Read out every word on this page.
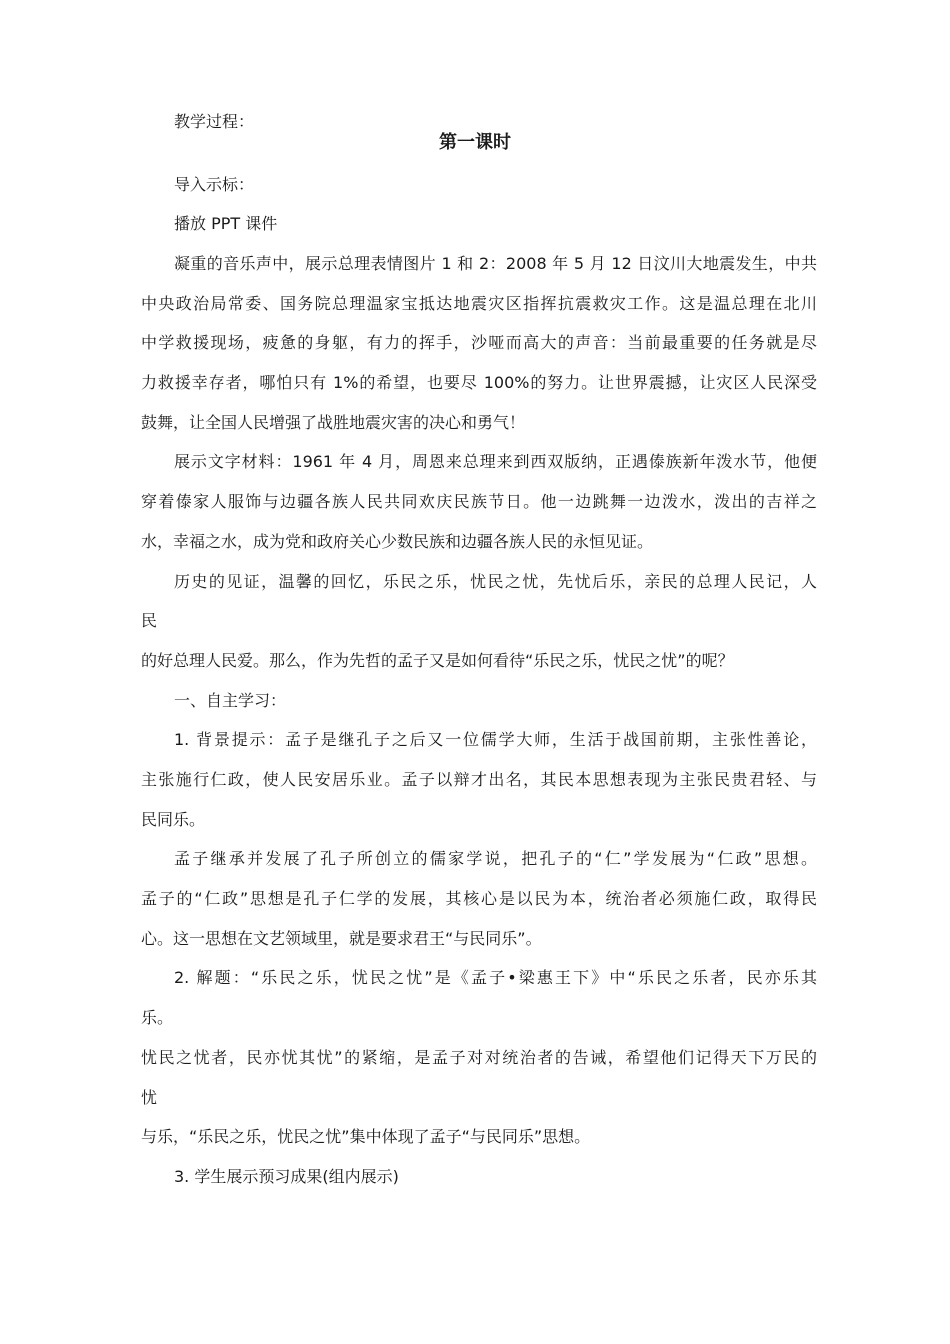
教学过程：
第一课时
导入示标：
播放 PPT 课件
凝重的音乐声中，展示总理表情图片 1 和 2：2008 年 5 月 12 日汶川大地震发生，中共
中央政治局常委、国务院总理温家宝抵达地震灾区指挥抗震救灾工作。这是温总理在北川
中学救援现场，疲惫的身躯，有力的挥手，沙哑而高大的声音：当前最重要的任务就是尽
力救援幸存者，哪怕只有 1%的希望，也要尽 100%的努力。让世界震撼，让灾区人民深受
鼓舞，让全国人民增强了战胜地震灾害的决心和勇气！
展示文字材料：1961 年 4 月，周恩来总理来到西双版纳，正遇傣族新年泼水节，他便
穿着傣家人服饰与边疆各族人民共同欢庆民族节日。他一边跳舞一边泼水，泼出的吉祥之
水，幸福之水，成为党和政府关心少数民族和边疆各族人民的永恒见证。
历史的见证，温馨的回忆，乐民之乐，忧民之忧，先忧后乐，亲民的总理人民记，人
民
的好总理人民爱。那么，作为先哲的孟子又是如何看待“乐民之乐，忧民之忧”的呢？
一、自主学习：
1. 背景提示：孟子是继孔子之后又一位儒学大师，生活于战国前期，主张性善论，
主张施行仁政，使人民安居乐业。孟子以辩才出名，其民本思想表现为主张民贵君轻、与
民同乐。
孟子继承并发展了孔子所创立的儒家学说，把孔子的“仁”学发展为“仁政”思想。
孟子的“仁政”思想是孔子仁学的发展，其核心是以民为本，统治者必须施仁政，取得民
心。这一思想在文艺领域里，就是要求君王“与民同乐”。
2. 解题：“乐民之乐，忧民之忧”是《孟子•梁惠王下》中“乐民之乐者，民亦乐其
乐。
忧民之忧者，民亦忧其忧”的紧缩，是孟子对对统治者的告诫，希望他们记得天下万民的
忧
与乐，“乐民之乐，忧民之忧”集中体现了孟子“与民同乐”思想。
3. 学生展示预习成果(组内展示)
